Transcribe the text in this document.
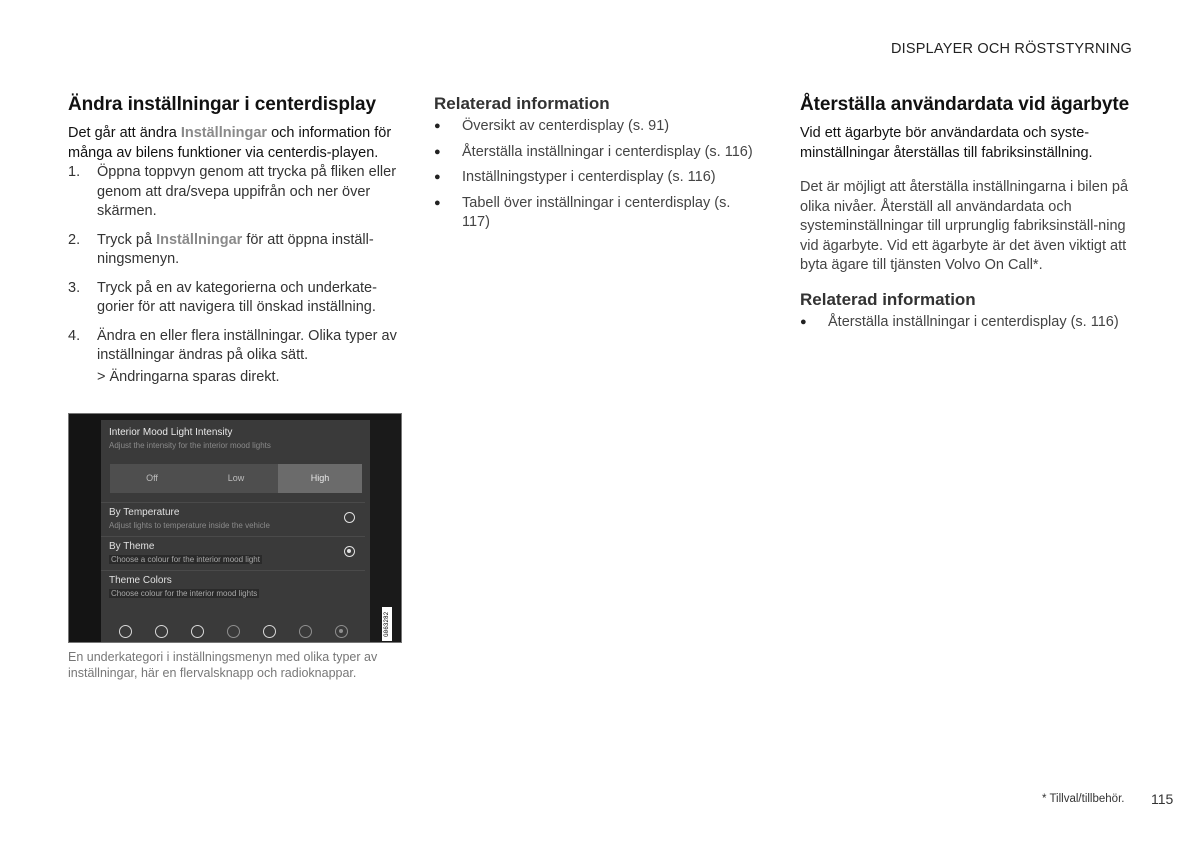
DISPLAYER OCH RÖSTSTYRNING
Ändra inställningar i centerdisplay

Det går att ändra Inställningar och information för många av bilens funktioner via centerdis-playen.

1.	Öppna toppvyn genom att trycka på fliken eller genom att dra/svepa uppifrån och ner över skärmen.
2.	Tryck på Inställningar för att öppna inställ-ningsmenyn.
3.	Tryck på en av kategorierna och underkate-gorier för att navigera till önskad inställning.
4.	Ändra en eller flera inställningar. Olika typer av inställningar ändras på olika sätt.
> Ändringarna sparas direkt.
Interior Mood Light Intensity
Adjust the intensity for the interior mood lights
Off	Low	High
By Temperature
Adjust lights to temperature inside the vehicle
By Theme
Choose a colour for the interior mood light
Theme Colors
Choose colour for the interior mood lights
G063282
En underkategori i inställningsmenyn med olika typer av inställningar, här en flervalsknapp och radioknappar.
Relaterad information
●	Översikt av centerdisplay (s. 91)
●	Återställa inställningar i centerdisplay (s. 116)
●	Inställningstyper i centerdisplay (s. 116)
●	Tabell över inställningar i centerdisplay (s. 117)
Återställa användardata vid ägarbyte

Vid ett ägarbyte bör användardata och syste-minställningar återställas till fabriksinställning.

Det är möjligt att återställa inställningarna i bilen på olika nivåer. Återställ all användardata och systeminställningar till urprunglig fabriksinställ-ning vid ägarbyte. Vid ett ägarbyte är det även viktigt att byta ägare till tjänsten Volvo On Call*.

Relaterad information
●	Återställa inställningar i centerdisplay (s. 116)
* Tillval/tillbehör. 115
